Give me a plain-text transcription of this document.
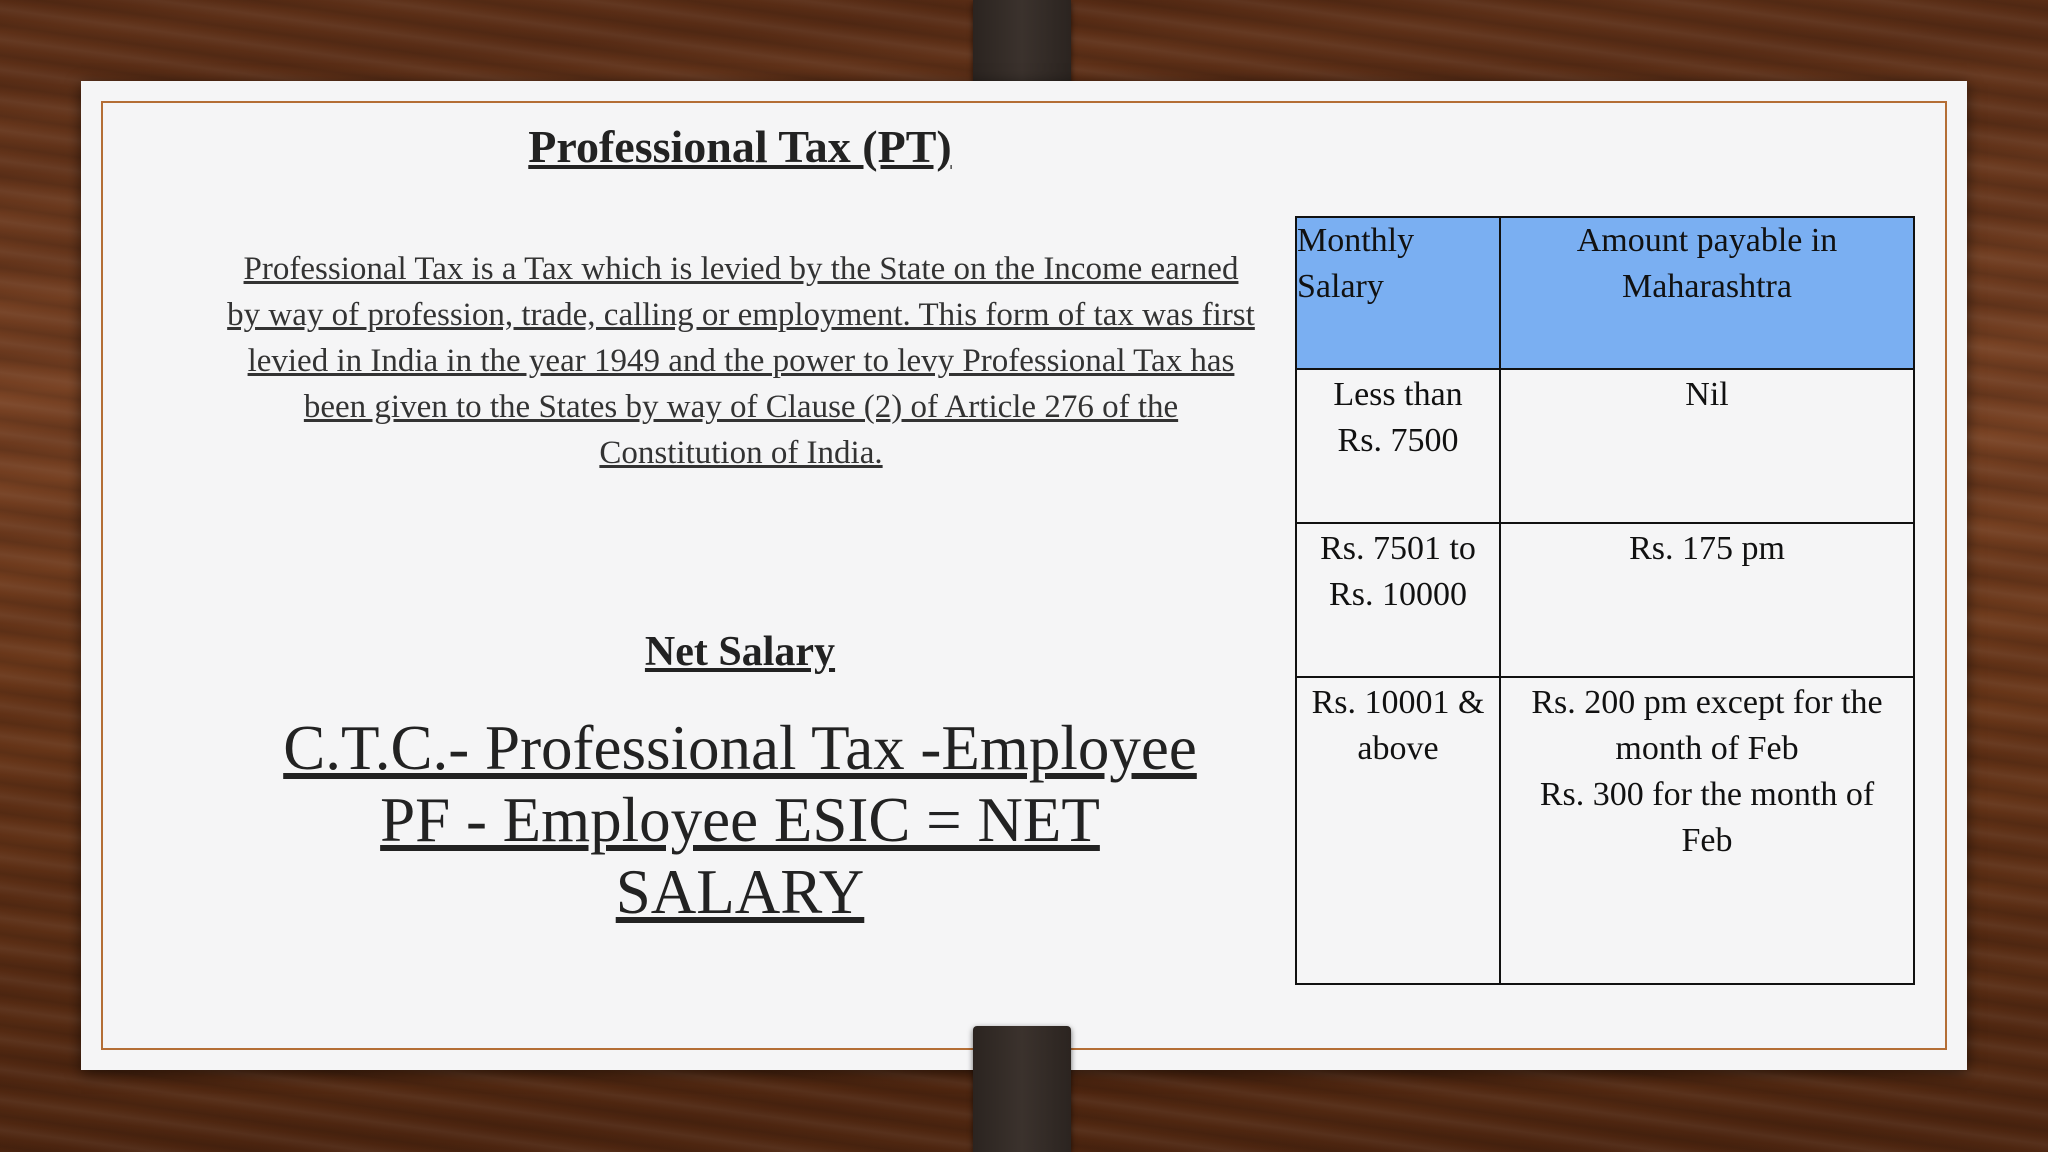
Professional Tax (PT)

Professional Tax is a Tax which is levied by the State on the Income earned by way of profession, trade, calling or employment. This form of tax was first levied in India in the year 1949 and the power to levy Professional Tax has been given to the States by way of Clause (2) of Article 276 of the Constitution of India.

Net Salary

C.T.C.- Professional Tax -Employee PF - Employee ESIC = NET SALARY

Monthly Salary	Amount payable in Maharashtra

Less than
Rs. 7500	Nil

Rs. 7501 to
Rs. 10000	Rs. 175 pm

Rs. 10001 &
above	Rs. 200 pm except for the
month of Feb
Rs. 300 for the month of
Feb
